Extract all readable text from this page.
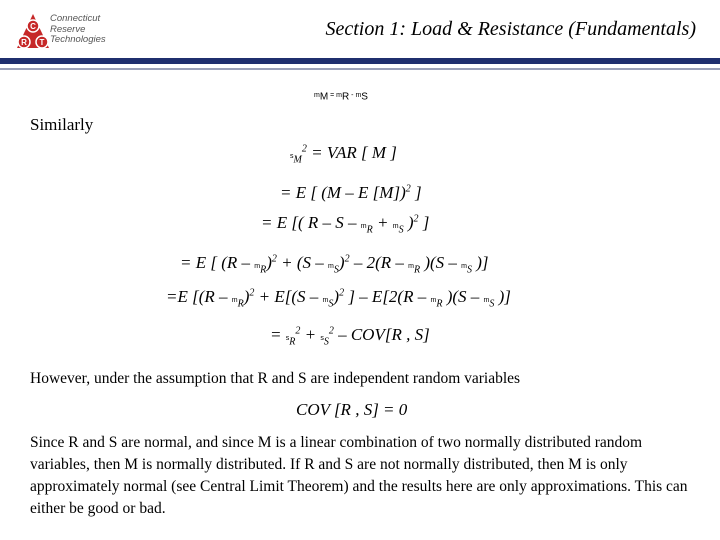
C
R T
Connecticut
Reserve
Technologies	Section 1: Load & Resistance (Fundamentals)
$m_M = m_R - m_S$
Similarly
$s_M^2$ = VAR [ M ]
= E [ (M – E [M])$^2$ ]
= E [( $R - S - m_R + m_S$ )$^2$ ]
= E [ $(R - m_R)^2 + (S - m_S)^2 - 2(R - m_R$ )($S - m_S$ )]
=E [$(R - m_R)^2 + E[(S - m_S)^2$ ] – $E[2(R - m_R$ )($S - m_S$ )]
= $s_R^2 + s_S^2 - COV[R$ , S]
However, under the assumption that R and S are independent random variables
COV [R , S] = 0
Since R and S are normal, and since M is a linear combination of two normally distributed random variables, then M is normally distributed. If R and S are not normally distributed, then M is only approximately normal (see Central Limit Theorem) and the results here are only approximations. This can either be good or bad.
